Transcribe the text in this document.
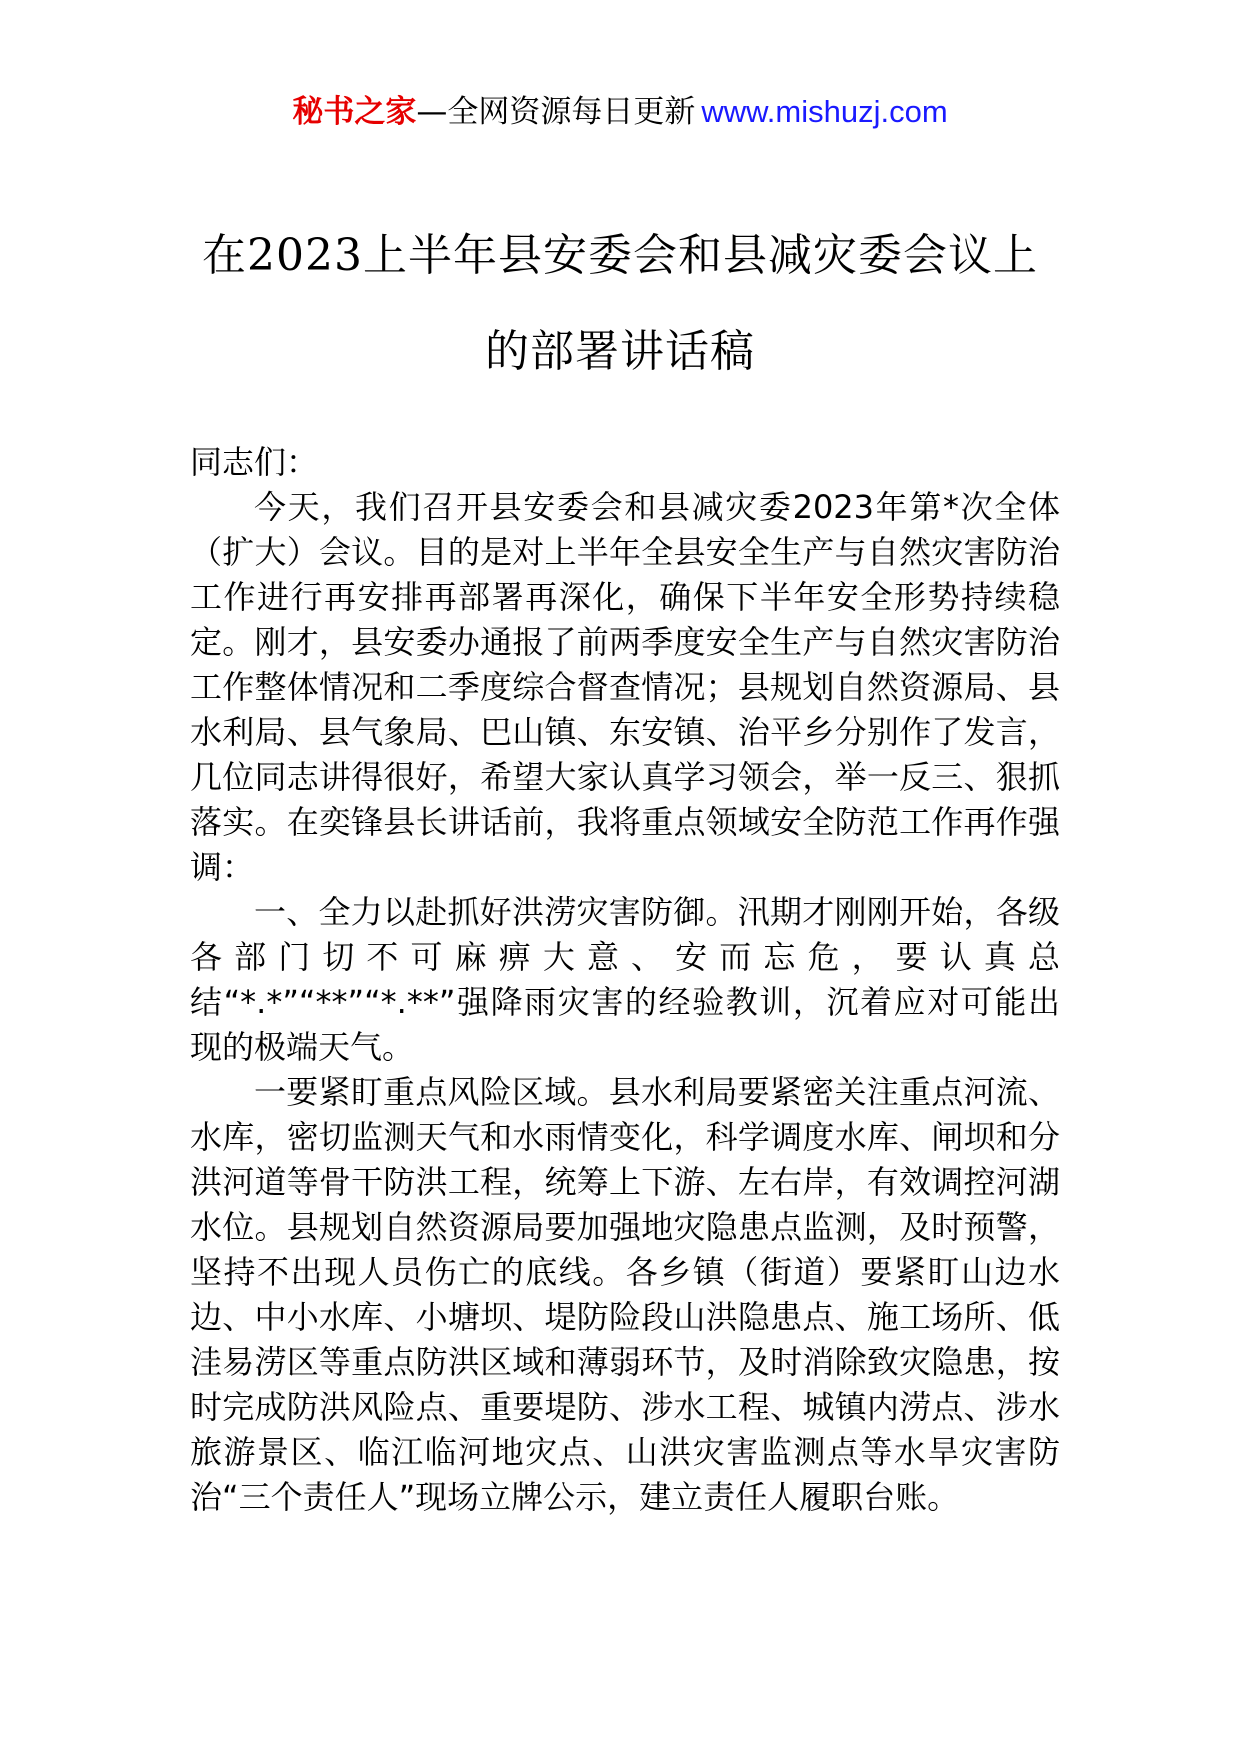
秘书之家—全网资源每日更新 www.mishuzj.com
在2023上半年县安委会和县减灾委会议上
的部署讲话稿

同志们：

今天，我们召开县安委会和县减灾委2023年第*次全体（扩大）会议。目的是对上半年全县安全生产与自然灾害防治工作进行再安排再部署再深化，确保下半年安全形势持续稳定。刚才，县安委办通报了前两季度安全生产与自然灾害防治工作整体情况和二季度综合督查情况；县规划自然资源局、县水利局、县气象局、巴山镇、东安镇、治平乡分别作了发言，几位同志讲得很好，希望大家认真学习领会，举一反三、狠抓落实。在奕锋县长讲话前，我将重点领域安全防范工作再作强调：

一、全力以赴抓好洪涝灾害防御。汛期才刚刚开始，各级各部门切不可麻痹大意、安而忘危，要认真总结“*.*”“**”“*.**”强降雨灾害的经验教训，沉着应对可能出现的极端天气。

一要紧盯重点风险区域。县水利局要紧密关注重点河流、水库，密切监测天气和水雨情变化，科学调度水库、闸坝和分洪河道等骨干防洪工程，统筹上下游、左右岸，有效调控河湖水位。县规划自然资源局要加强地灾隐患点监测，及时预警，坚持不出现人员伤亡的底线。各乡镇（街道）要紧盯山边水边、中小水库、小塘坝、堤防险段山洪隐患点、施工场所、低洼易涝区等重点防洪区域和薄弱环节，及时消除致灾隐患，按时完成防洪风险点、重要堤防、涉水工程、城镇内涝点、涉水旅游景区、临江临河地灾点、山洪灾害监测点等水旱灾害防治“三个责任人”现场立牌公示，建立责任人履职台账。
